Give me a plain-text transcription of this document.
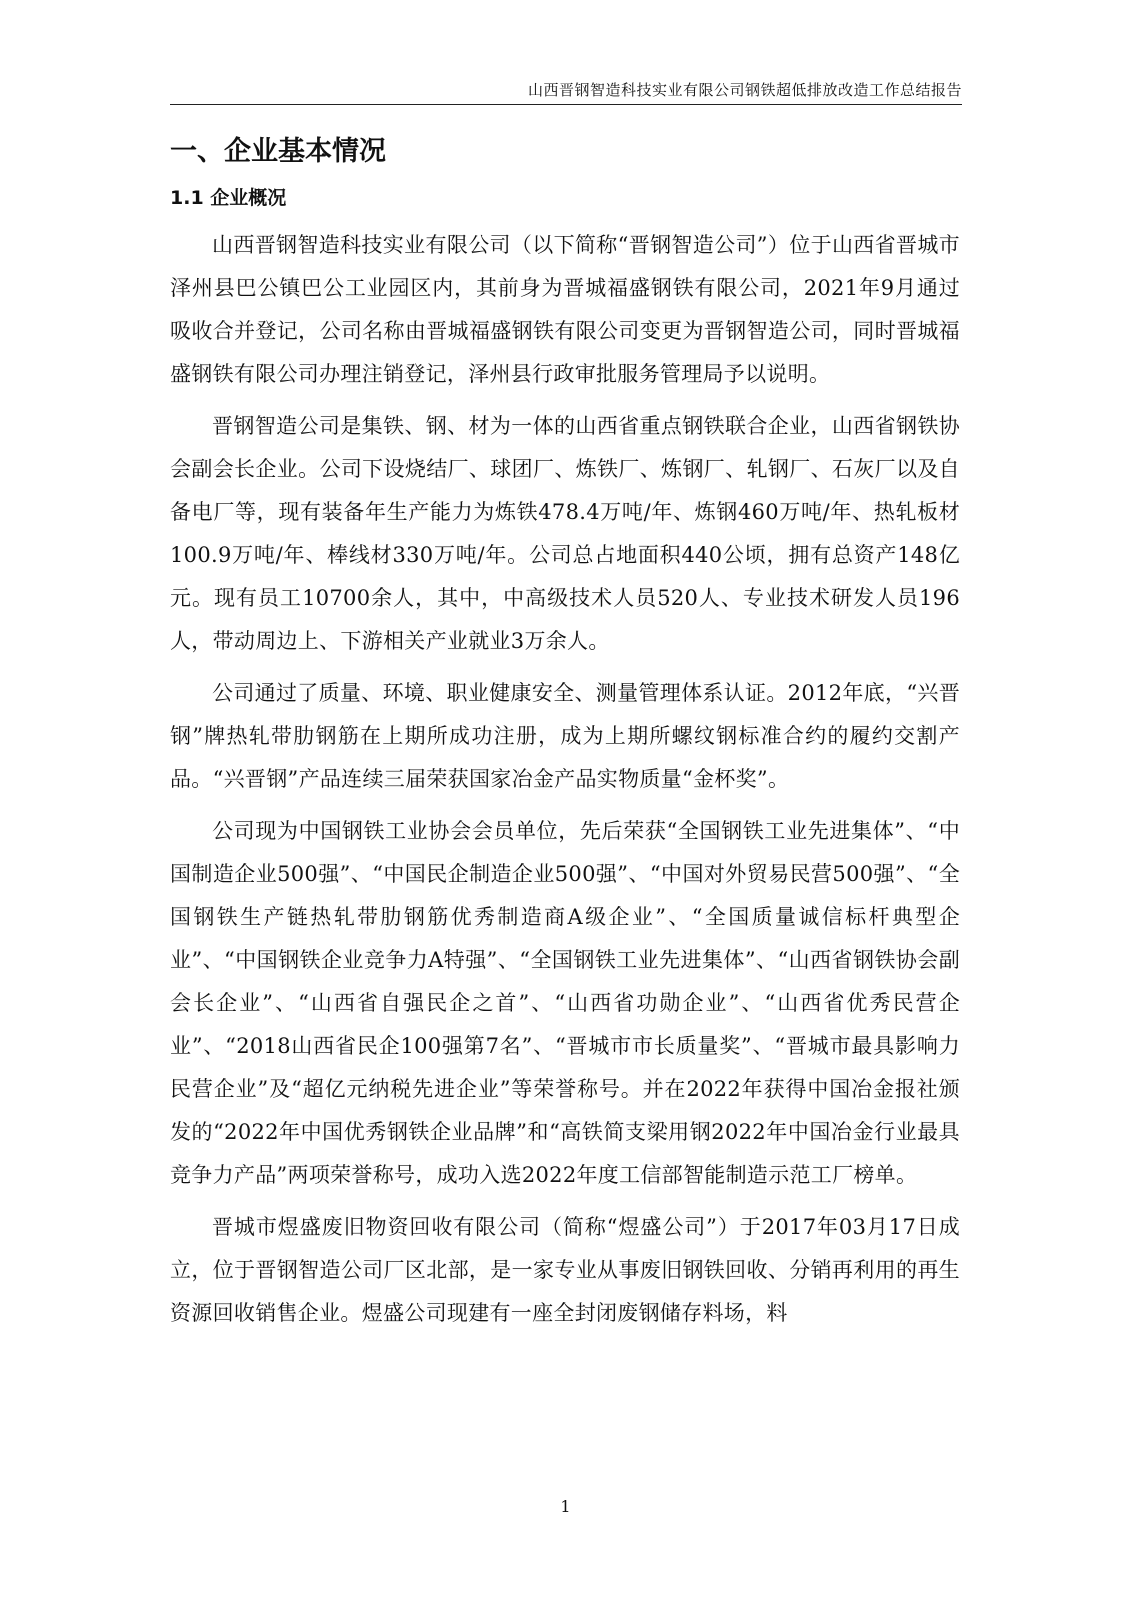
山西晋钢智造科技实业有限公司钢铁超低排放改造工作总结报告
一、企业基本情况
1.1 企业概况

山西晋钢智造科技实业有限公司（以下简称“晋钢智造公司”）位于山西省晋城市泽州县巴公镇巴公工业园区内，其前身为晋城福盛钢铁有限公司，2021年9月通过吸收合并登记，公司名称由晋城福盛钢铁有限公司变更为晋钢智造公司，同时晋城福盛钢铁有限公司办理注销登记，泽州县行政审批服务管理局予以说明。

晋钢智造公司是集铁、钢、材为一体的山西省重点钢铁联合企业，山西省钢铁协会副会长企业。公司下设烧结厂、球团厂、炼铁厂、炼钢厂、轧钢厂、石灰厂以及自备电厂等，现有装备年生产能力为炼铁478.4万吨/年、炼钢460万吨/年、热轧板材100.9万吨/年、棒线材330万吨/年。公司总占地面积440公顷，拥有总资产148亿元。现有员工10700余人，其中，中高级技术人员520人、专业技术研发人员196人，带动周边上、下游相关产业就业3万余人。

公司通过了质量、环境、职业健康安全、测量管理体系认证。2012年底，“兴晋钢”牌热轧带肋钢筋在上期所成功注册，成为上期所螺纹钢标准合约的履约交割产品。“兴晋钢”产品连续三届荣获国家冶金产品实物质量“金杯奖”。

公司现为中国钢铁工业协会会员单位，先后荣获“全国钢铁工业先进集体”、“中国制造企业500强”、“中国民企制造企业500强”、“中国对外贸易民营500强”、“全国钢铁生产链热轧带肋钢筋优秀制造商A级企业”、“全国质量诚信标杆典型企业”、“中国钢铁企业竞争力A特强”、“全国钢铁工业先进集体”、“山西省钢铁协会副会长企业”、“山西省自强民企之首”、“山西省功勋企业”、“山西省优秀民营企业”、“2018山西省民企100强第7名”、“晋城市市长质量奖”、“晋城市最具影响力民营企业”及“超亿元纳税先进企业”等荣誉称号。并在2022年获得中国冶金报社颁发的“2022年中国优秀钢铁企业品牌”和“高铁简支梁用钢2022年中国冶金行业最具竞争力产品”两项荣誉称号，成功入选2022年度工信部智能制造示范工厂榜单。

晋城市煜盛废旧物资回收有限公司（简称“煜盛公司”）于2017年03月17日成立，位于晋钢智造公司厂区北部，是一家专业从事废旧钢铁回收、分销再利用的再生资源回收销售企业。煜盛公司现建有一座全封闭废钢储存料场，料

1
